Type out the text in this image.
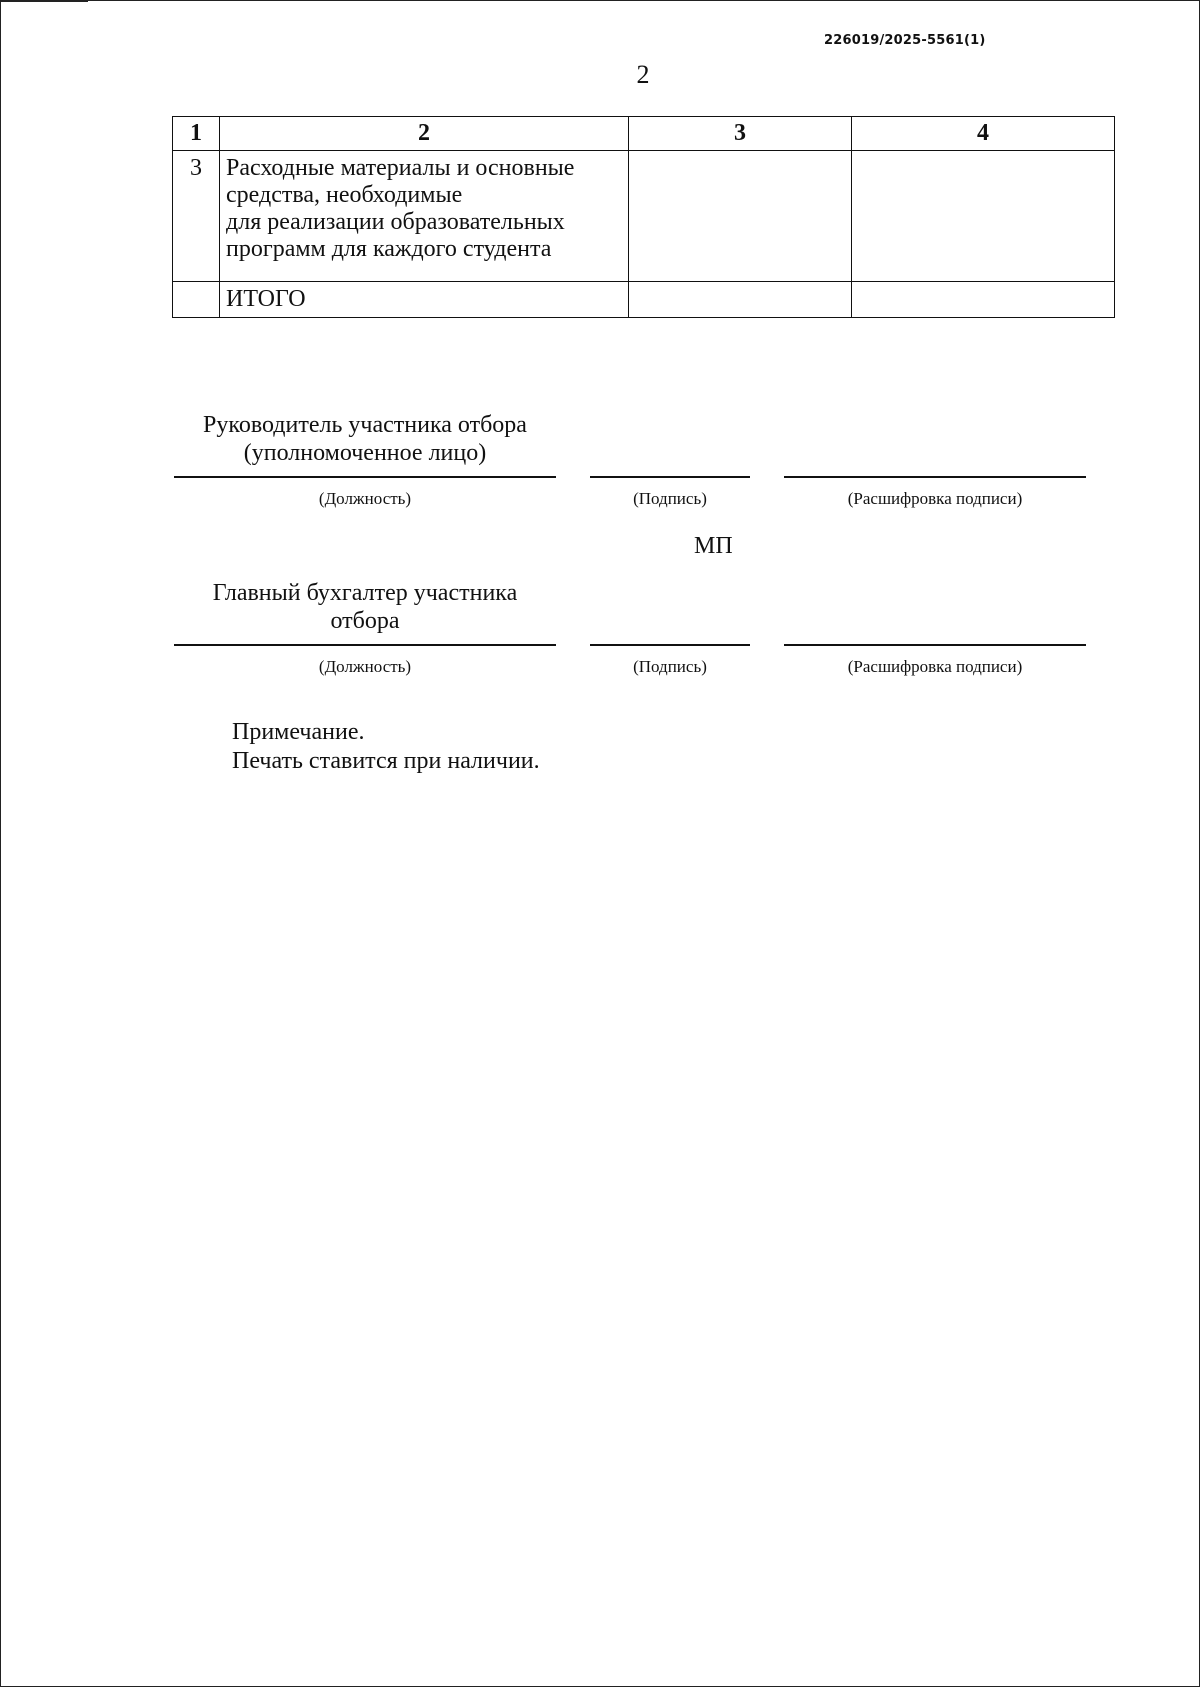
226019/2025-5561(1)
2
1	2	3	4
3	Расходные материалы и основные
средства, необходимые
для реализации образовательных
программ для каждого студента		

	ИТОГО		
Руководитель участника отбора
(уполномоченное лицо)
(Должность)	(Подпись)	(Расшифровка подписи)
МП
Главный бухгалтер участника
отбора
(Должность)	(Подпись)	(Расшифровка подписи)
Примечание.
Печать ставится при наличии.
